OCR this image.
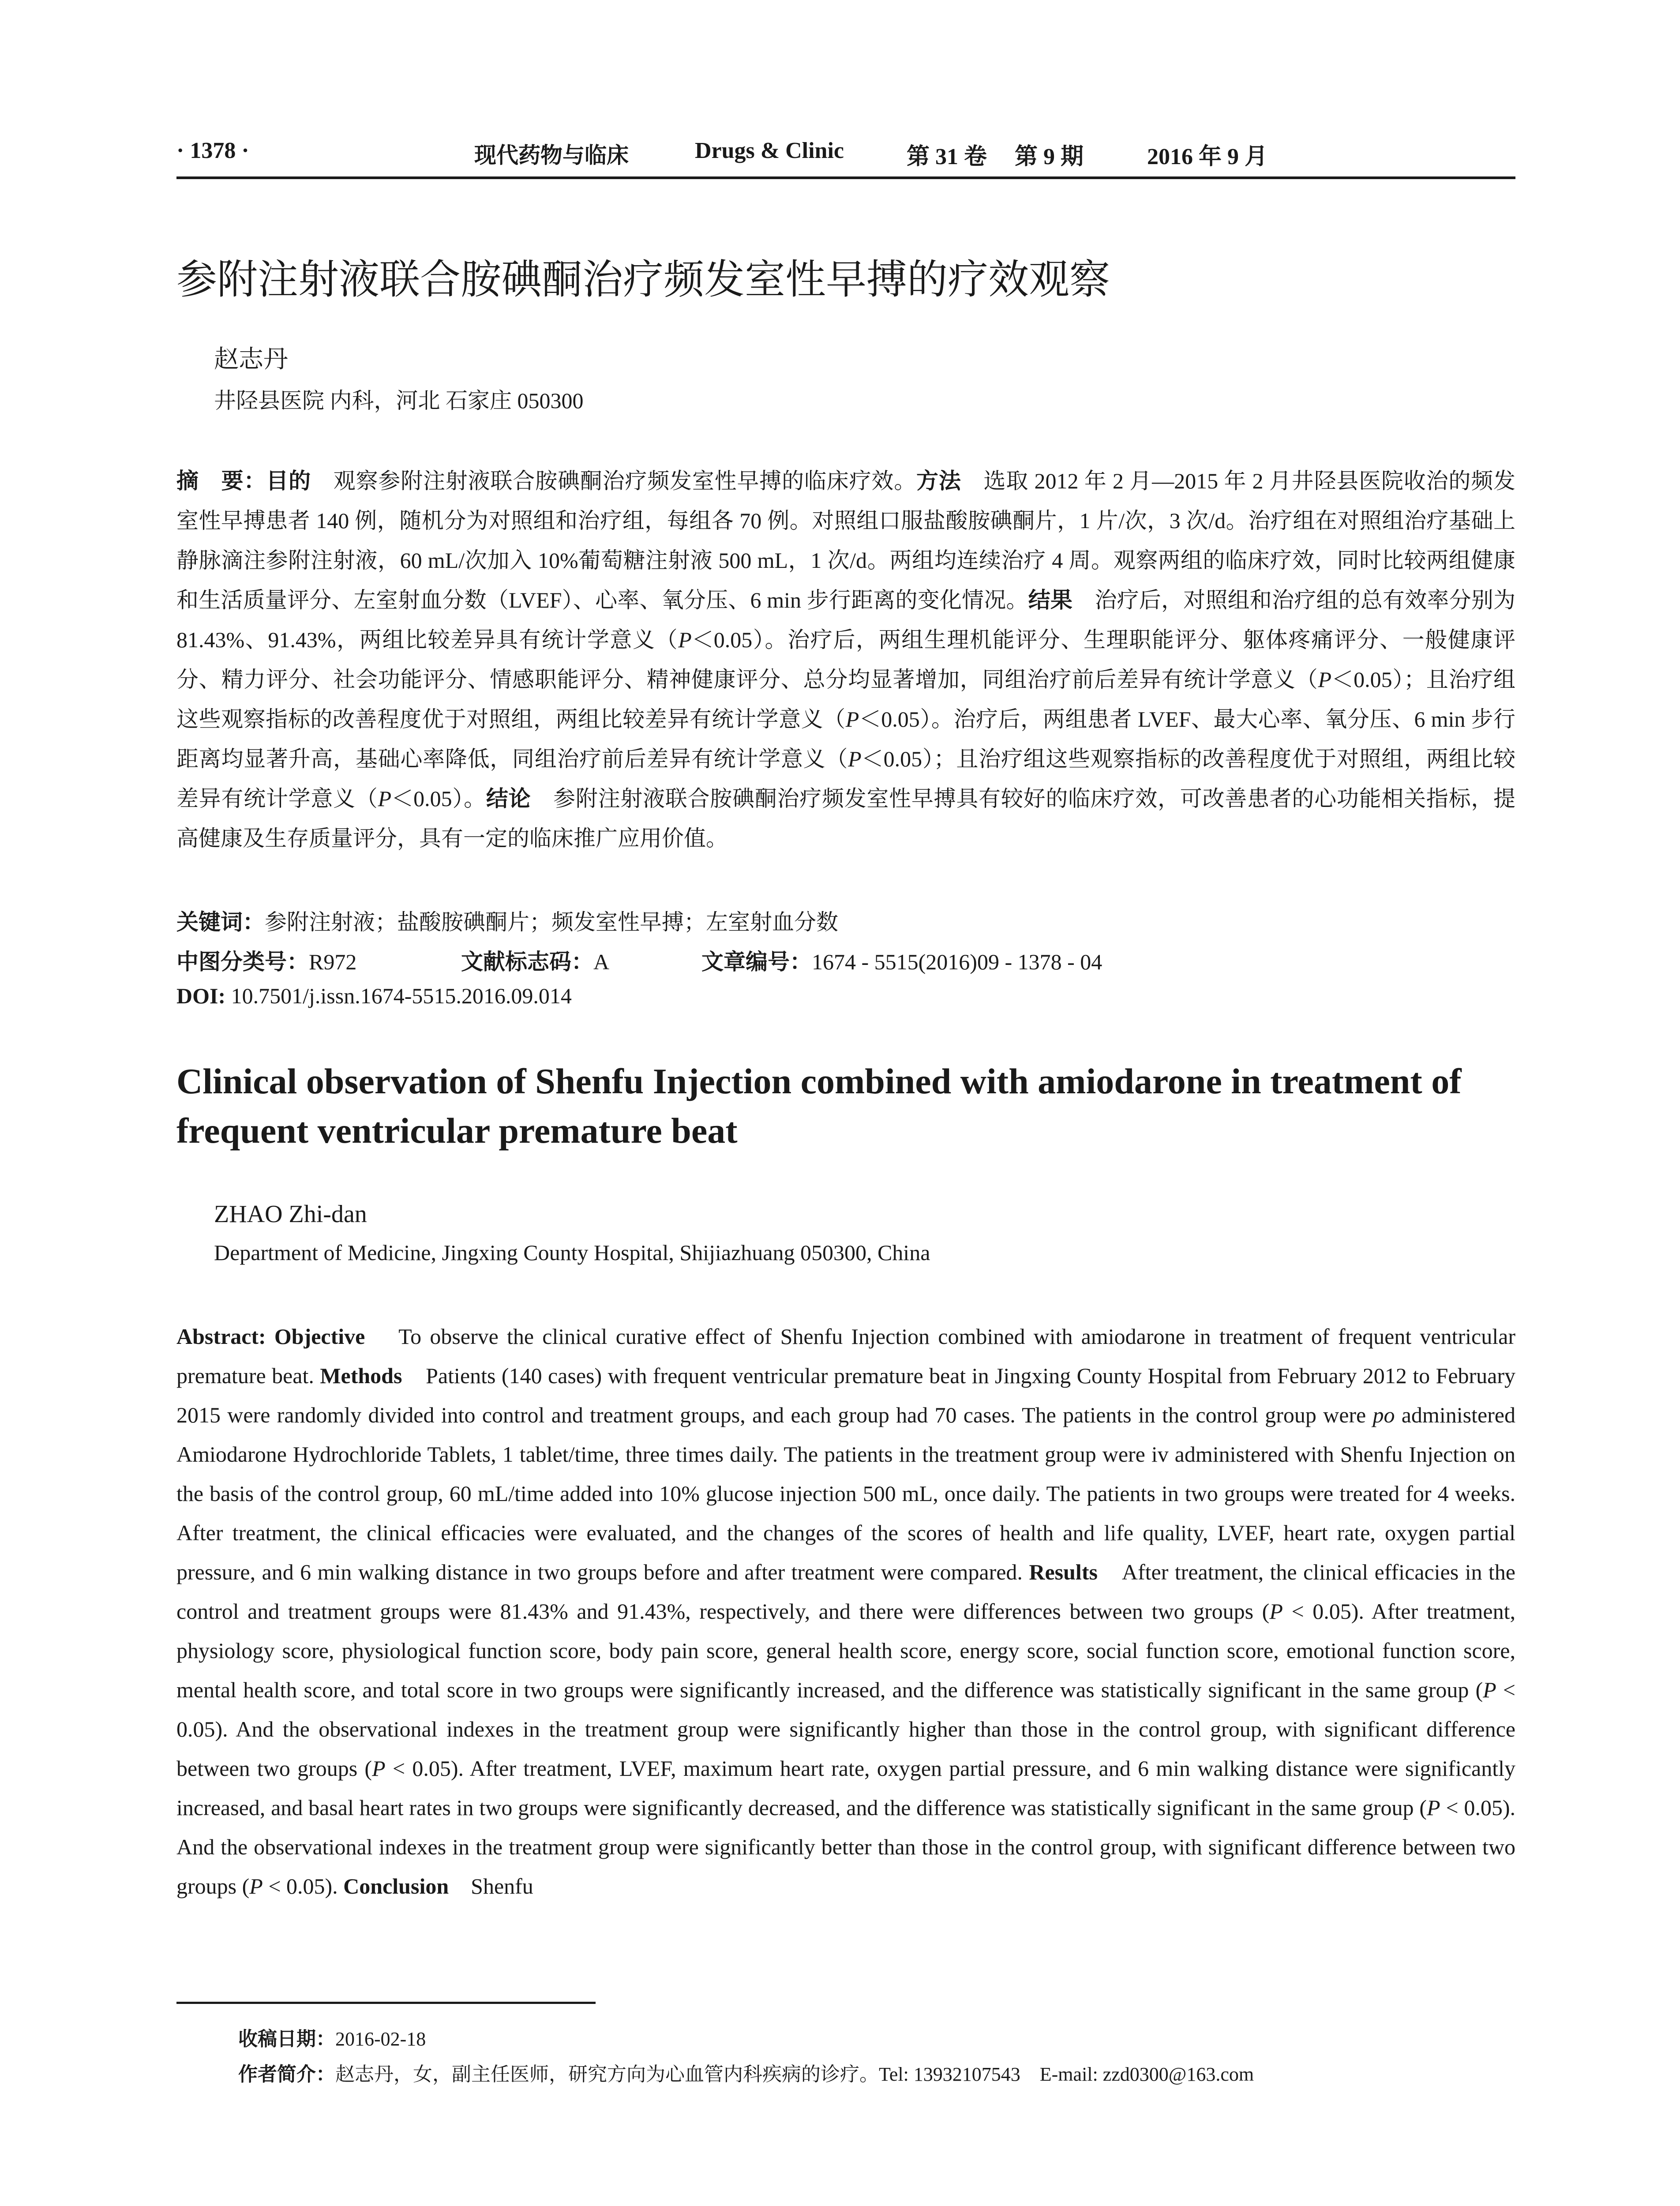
· 1378 ·	现代药物与临床	Drugs & Clinic	第 31 卷 第 9 期	2016 年 9 月
参附注射液联合胺碘酮治疗频发室性早搏的疗效观察
赵志丹
井陉县医院 内科，河北 石家庄 050300
摘　要：目的　 观察参附注射液联合胺碘酮治疗频发室性早搏的临床疗效。方法　 选取 2012 年 2 月—2015 年 2 月井陉县医院收治的频发室性早搏患者 140 例，随机分为对照组和治疗组，每组各 70 例。对照组口服盐酸胺碘酮片，1 片/次，3 次/d。治疗组在对照组治疗基础上静脉滴注参附注射液，60 mL/次加入 10%葡萄糖注射液 500 mL，1 次/d。两组均连续治疗 4 周。观察两组的临床疗效，同时比较两组健康和生活质量评分、左室射血分数（LVEF）、心率、氧分压、6 min 步行距离的变化情况。结果　 治疗后，对照组和治疗组的总有效率分别为 81.43%、91.43%，两组比较差异具有统计学意义（P＜0.05）。治疗后，两组生理机能评分、生理职能评分、躯体疼痛评分、一般健康评分、精力评分、社会功能评分、情感职能评分、精神健康评分、总分均显著增加，同组治疗前后差异有统计学意义（P＜0.05）；且治疗组这些观察指标的改善程度优于对照组，两组比较差异有统计学意义（P＜0.05）。治疗后，两组患者 LVEF、最大心率、氧分压、6 min 步行距离均显著升高，基础心率降低，同组治疗前后差异有统计学意义（P＜0.05）；且治疗组这些观察指标的改善程度优于对照组，两组比较差异有统计学意义（P＜0.05）。结论　 参附注射液联合胺碘酮治疗频发室性早搏具有较好的临床疗效，可改善患者的心功能相关指标，提高健康及生存质量评分，具有一定的临床推广应用价值。
关键词：参附注射液；盐酸胺碘酮片；频发室性早搏；左室射血分数
中图分类号：R972	文献标志码：A	文章编号：1674 - 5515(2016)09 - 1378 - 04
DOI: 10.7501/j.issn.1674-5515.2016.09.014
Clinical observation of Shenfu Injection combined with amiodarone in treatment of frequent ventricular premature beat
ZHAO Zhi-dan
Department of Medicine, Jingxing County Hospital, Shijiazhuang 050300, China
Abstract: Objective To observe the clinical curative effect of Shenfu Injection combined with amiodarone in treatment of frequent ventricular premature beat. Methods Patients (140 cases) with frequent ventricular premature beat in Jingxing County Hospital from February 2012 to February 2015 were randomly divided into control and treatment groups, and each group had 70 cases. The patients in the control group were po administered Amiodarone Hydrochloride Tablets, 1 tablet/time, three times daily. The patients in the treatment group were iv administered with Shenfu Injection on the basis of the control group, 60 mL/time added into 10% glucose injection 500 mL, once daily. The patients in two groups were treated for 4 weeks. After treatment, the clinical efficacies were evaluated, and the changes of the scores of health and life quality, LVEF, heart rate, oxygen partial pressure, and 6 min walking distance in two groups before and after treatment were compared. Results After treatment, the clinical efficacies in the control and treatment groups were 81.43% and 91.43%, respectively, and there were differences between two groups (P < 0.05). After treatment, physiology score, physiological function score, body pain score, general health score, energy score, social function score, emotional function score, mental health score, and total score in two groups were significantly increased, and the difference was statistically significant in the same group (P < 0.05). And the observational indexes in the treatment group were significantly higher than those in the control group, with significant difference between two groups (P < 0.05). After treatment, LVEF, maximum heart rate, oxygen partial pressure, and 6 min walking distance were significantly increased, and basal heart rates in two groups were significantly decreased, and the difference was statistically significant in the same group (P < 0.05). And the observational indexes in the treatment group were significantly better than those in the control group, with significant difference between two groups (P < 0.05). Conclusion Shenfu
收稿日期：2016-02-18
作者简介：赵志丹，女，副主任医师，研究方向为心血管内科疾病的诊疗。Tel: 13932107543　E-mail: zzd0300@163.com
